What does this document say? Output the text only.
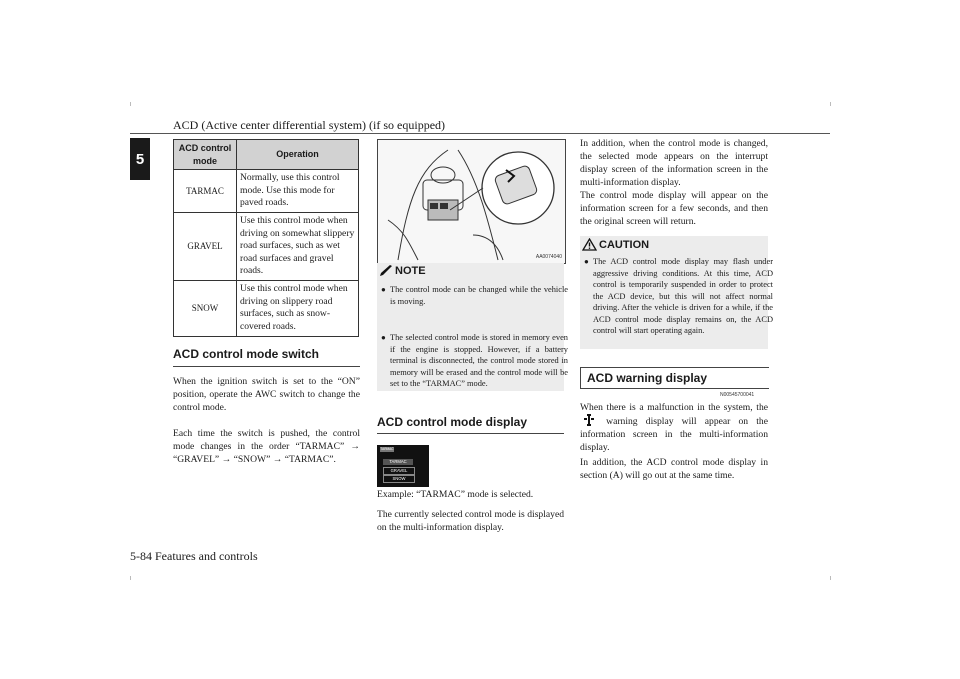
ACD (Active center differential system) (if so equipped)
5
5-84 Features and controls
ACD control mode	Operation
TARMAC	Normally, use this control mode. Use this mode for paved roads.
GRAVEL	Use this control mode when driving on somewhat slippery road surfaces, such as wet road surfaces and gravel roads.
SNOW	Use this control mode when driving on slippery road surfaces, such as snow-covered roads.
ACD control mode switch
When the ignition switch is set to the “ON” position, operate the AWC switch to change the control mode.
Each time the switch is pushed, the control mode changes in the order “TARMAC” → “GRAVEL” → “SNOW” → “TARMAC”.
AA0074040
NOTE
● The control mode can be changed while the vehicle is moving.
● The selected control mode is stored in memory even if the engine is stopped. However, if a battery terminal is disconnected, the control mode stored in memory will be erased and the control mode will be set to the “TARMAC” mode.
ACD control mode display
TARMAC
TARMAC
GRAVEL
SNOW
Example: “TARMAC” mode is selected.
The currently selected control mode is displayed on the multi-information display.
In addition, when the control mode is changed, the selected mode appears on the interrupt display screen of the information screen in the multi-information display.
The control mode display will appear on the information screen for a few seconds, and then the original screen will return.
CAUTION
● The ACD control mode display may flash under aggressive driving conditions. At this time, ACD control is temporarily suspended in order to protect the ACD device, but this will not affect normal driving. After the vehicle is driven for a while, if the ACD control mode display remains on, the ACD control will start operating again.
ACD warning display
N00545700041
When there is a malfunction in the system, the  warning display will appear on the information screen in the multi-information display.
In addition, the ACD control mode display in section (A) will go out at the same time.
